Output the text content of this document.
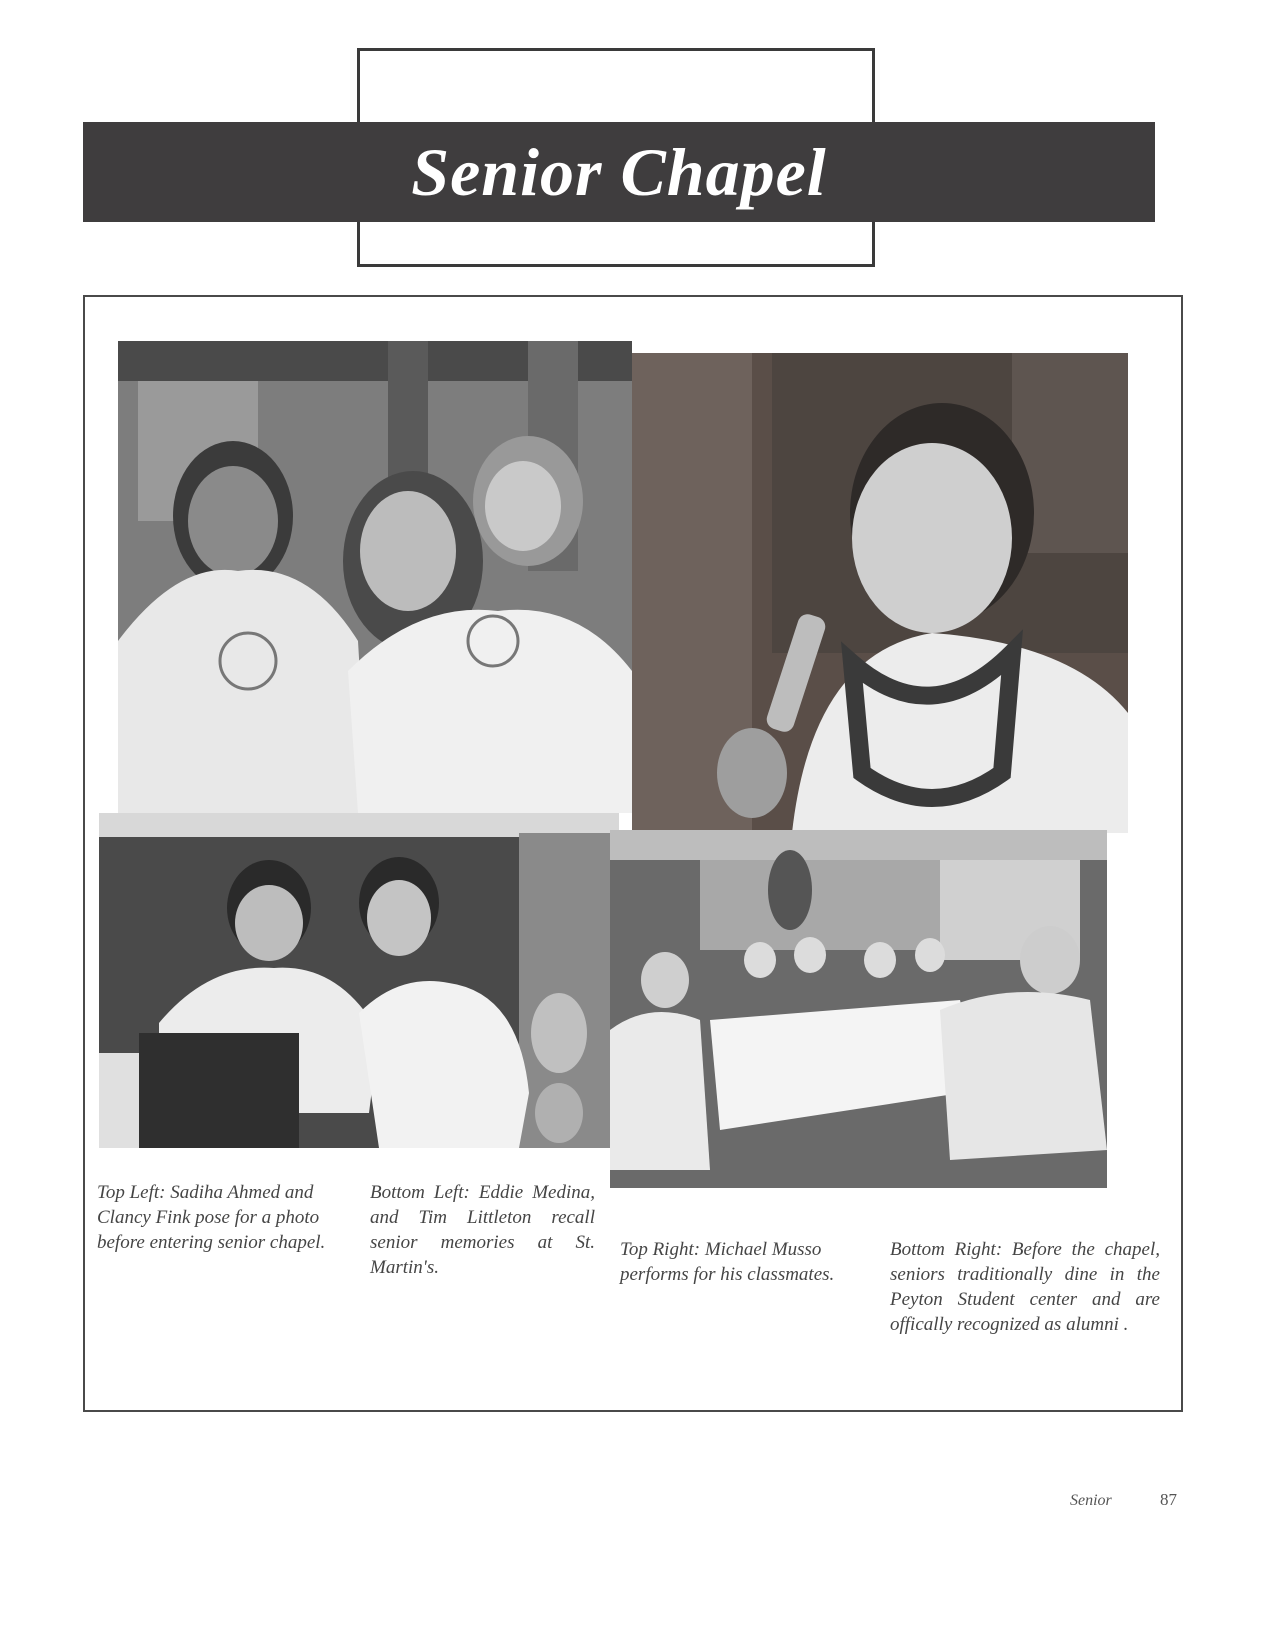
Senior Chapel
Top Left: Sadiha Ahmed and Clancy Fink pose for a photo before entering senior chapel.
Bottom Left: Eddie Medina, and Tim Littleton recall senior memories at St. Martin's.
Top Right: Michael Musso performs for his classmates.
Bottom Right: Before the chapel, seniors traditionally dine in the Peyton Student center and are offically recognized as alumni .
Senior	87
